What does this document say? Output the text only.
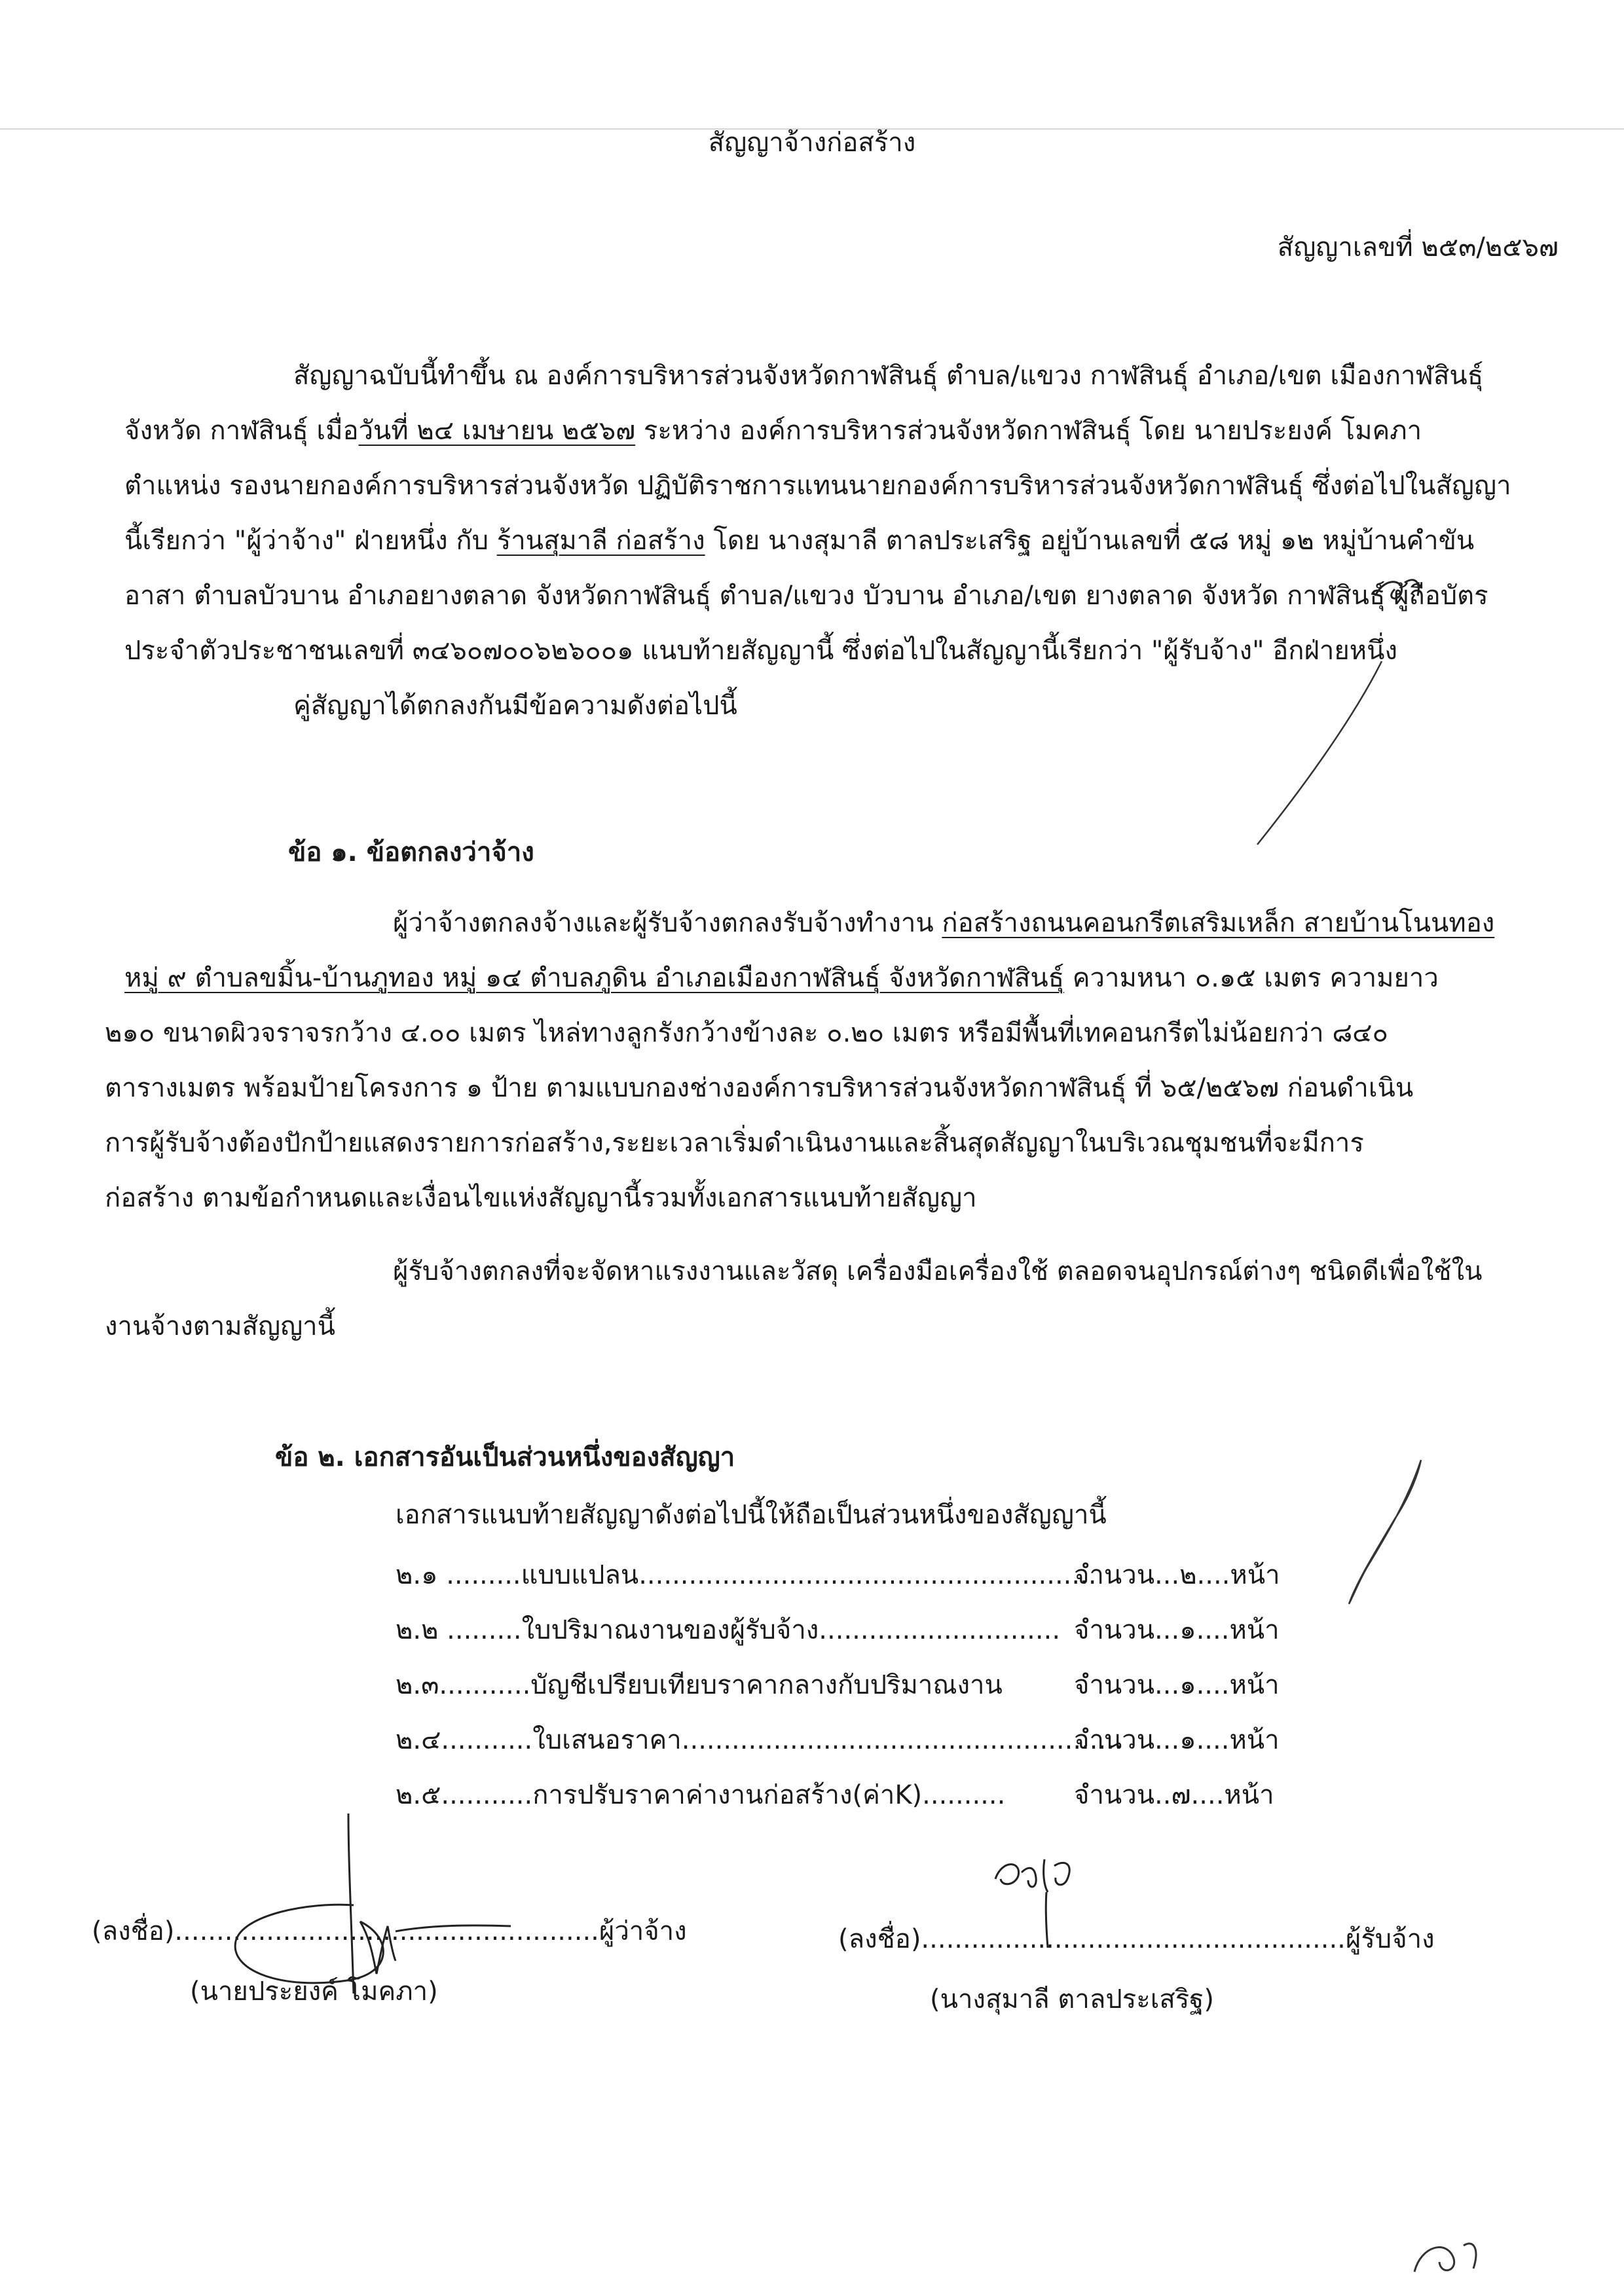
สัญญาจ้างก่อสร้าง
สัญญาเลขที่ ๒๕๓/๒๕๖๗
สัญญาฉบับนี้ทำขึ้น ณ องค์การบริหารส่วนจังหวัดกาฬสินธุ์ ตำบล/แขวง กาฬสินธุ์ อำเภอ/เขต เมืองกาฬสินธุ์
จังหวัด กาฬสินธุ์ เมื่อวันที่ ๒๔ เมษายน ๒๕๖๗ ระหว่าง องค์การบริหารส่วนจังหวัดกาฬสินธุ์ โดย นายประยงค์ โมคภา
ตำแหน่ง รองนายกองค์การบริหารส่วนจังหวัด ปฏิบัติราชการแทนนายกองค์การบริหารส่วนจังหวัดกาฬสินธุ์ ซึ่งต่อไปในสัญญา
นี้เรียกว่า "ผู้ว่าจ้าง" ฝ่ายหนึ่ง กับ ร้านสุมาลี ก่อสร้าง โดย นางสุมาลี ตาลประเสริฐ อยู่บ้านเลขที่ ๕๘ หมู่ ๑๒ หมู่บ้านคำขัน
อาสา ตำบลบัวบาน อำเภอยางตลาด จังหวัดกาฬสินธุ์ ตำบล/แขวง บัวบาน อำเภอ/เขต ยางตลาด จังหวัด กาฬสินธุ์ ผู้ถือบัตร
ประจำตัวประชาชนเลขที่ ๓๔๖๐๗๐๐๖๒๖๐๐๑ แนบท้ายสัญญานี้ ซึ่งต่อไปในสัญญานี้เรียกว่า "ผู้รับจ้าง" อีกฝ่ายหนึ่ง
คู่สัญญาได้ตกลงกันมีข้อความดังต่อไปนี้
ข้อ ๑. ข้อตกลงว่าจ้าง
ผู้ว่าจ้างตกลงจ้างและผู้รับจ้างตกลงรับจ้างทำงาน ก่อสร้างถนนคอนกรีตเสริมเหล็ก สายบ้านโนนทอง
หมู่ ๙ ตำบลขมิ้น-บ้านภูทอง หมู่ ๑๔ ตำบลภูดิน อำเภอเมืองกาฬสินธุ์ จังหวัดกาฬสินธุ์ ความหนา ๐.๑๕ เมตร ความยาว
๒๑๐ ขนาดผิวจราจรกว้าง ๔.๐๐ เมตร ไหล่ทางลูกรังกว้างข้างละ ๐.๒๐ เมตร หรือมีพื้นที่เทคอนกรีตไม่น้อยกว่า ๘๔๐
ตารางเมตร พร้อมป้ายโครงการ ๑ ป้าย ตามแบบกองช่างองค์การบริหารส่วนจังหวัดกาฬสินธุ์ ที่ ๖๕/๒๕๖๗ ก่อนดำเนิน
การผู้รับจ้างต้องปักป้ายแสดงรายการก่อสร้าง,ระยะเวลาเริ่มดำเนินงานและสิ้นสุดสัญญาในบริเวณชุมชนที่จะมีการ
ก่อสร้าง ตามข้อกำหนดและเงื่อนไขแห่งสัญญานี้รวมทั้งเอกสารแนบท้ายสัญญา
ผู้รับจ้างตกลงที่จะจัดหาแรงงานและวัสดุ เครื่องมือเครื่องใช้ ตลอดจนอุปกรณ์ต่างๆ ชนิดดีเพื่อใช้ใน
งานจ้างตามสัญญานี้
ข้อ ๒. เอกสารอันเป็นส่วนหนึ่งของสัญญา
เอกสารแนบท้ายสัญญาดังต่อไปนี้ให้ถือเป็นส่วนหนึ่งของสัญญานี้
๒.๑ .........แบบแปลน.......................................................
จำนวน...๒....หน้า
๒.๒ .........ใบปริมาณงานของผู้รับจ้าง............................. จำนวน...๑....หน้า
๒.๓...........บัญชีเปรียบเทียบราคากลางกับปริมาณงาน	จำนวน...๑....หน้า
๒.๔...........ใบเสนอราคา.....................................................
จำนวน...๑....หน้า
๒.๕...........การปรับราคาค่างานก่อสร้าง(ค่าK)..........	จำนวน..๗....หน้า
(ลงชื่อ)...................................................ผู้ว่าจ้าง
(นายประยงค์ โมคภา)
(ลงชื่อ)...................................................ผู้รับจ้าง
(นางสุมาลี ตาลประเสริฐ)
